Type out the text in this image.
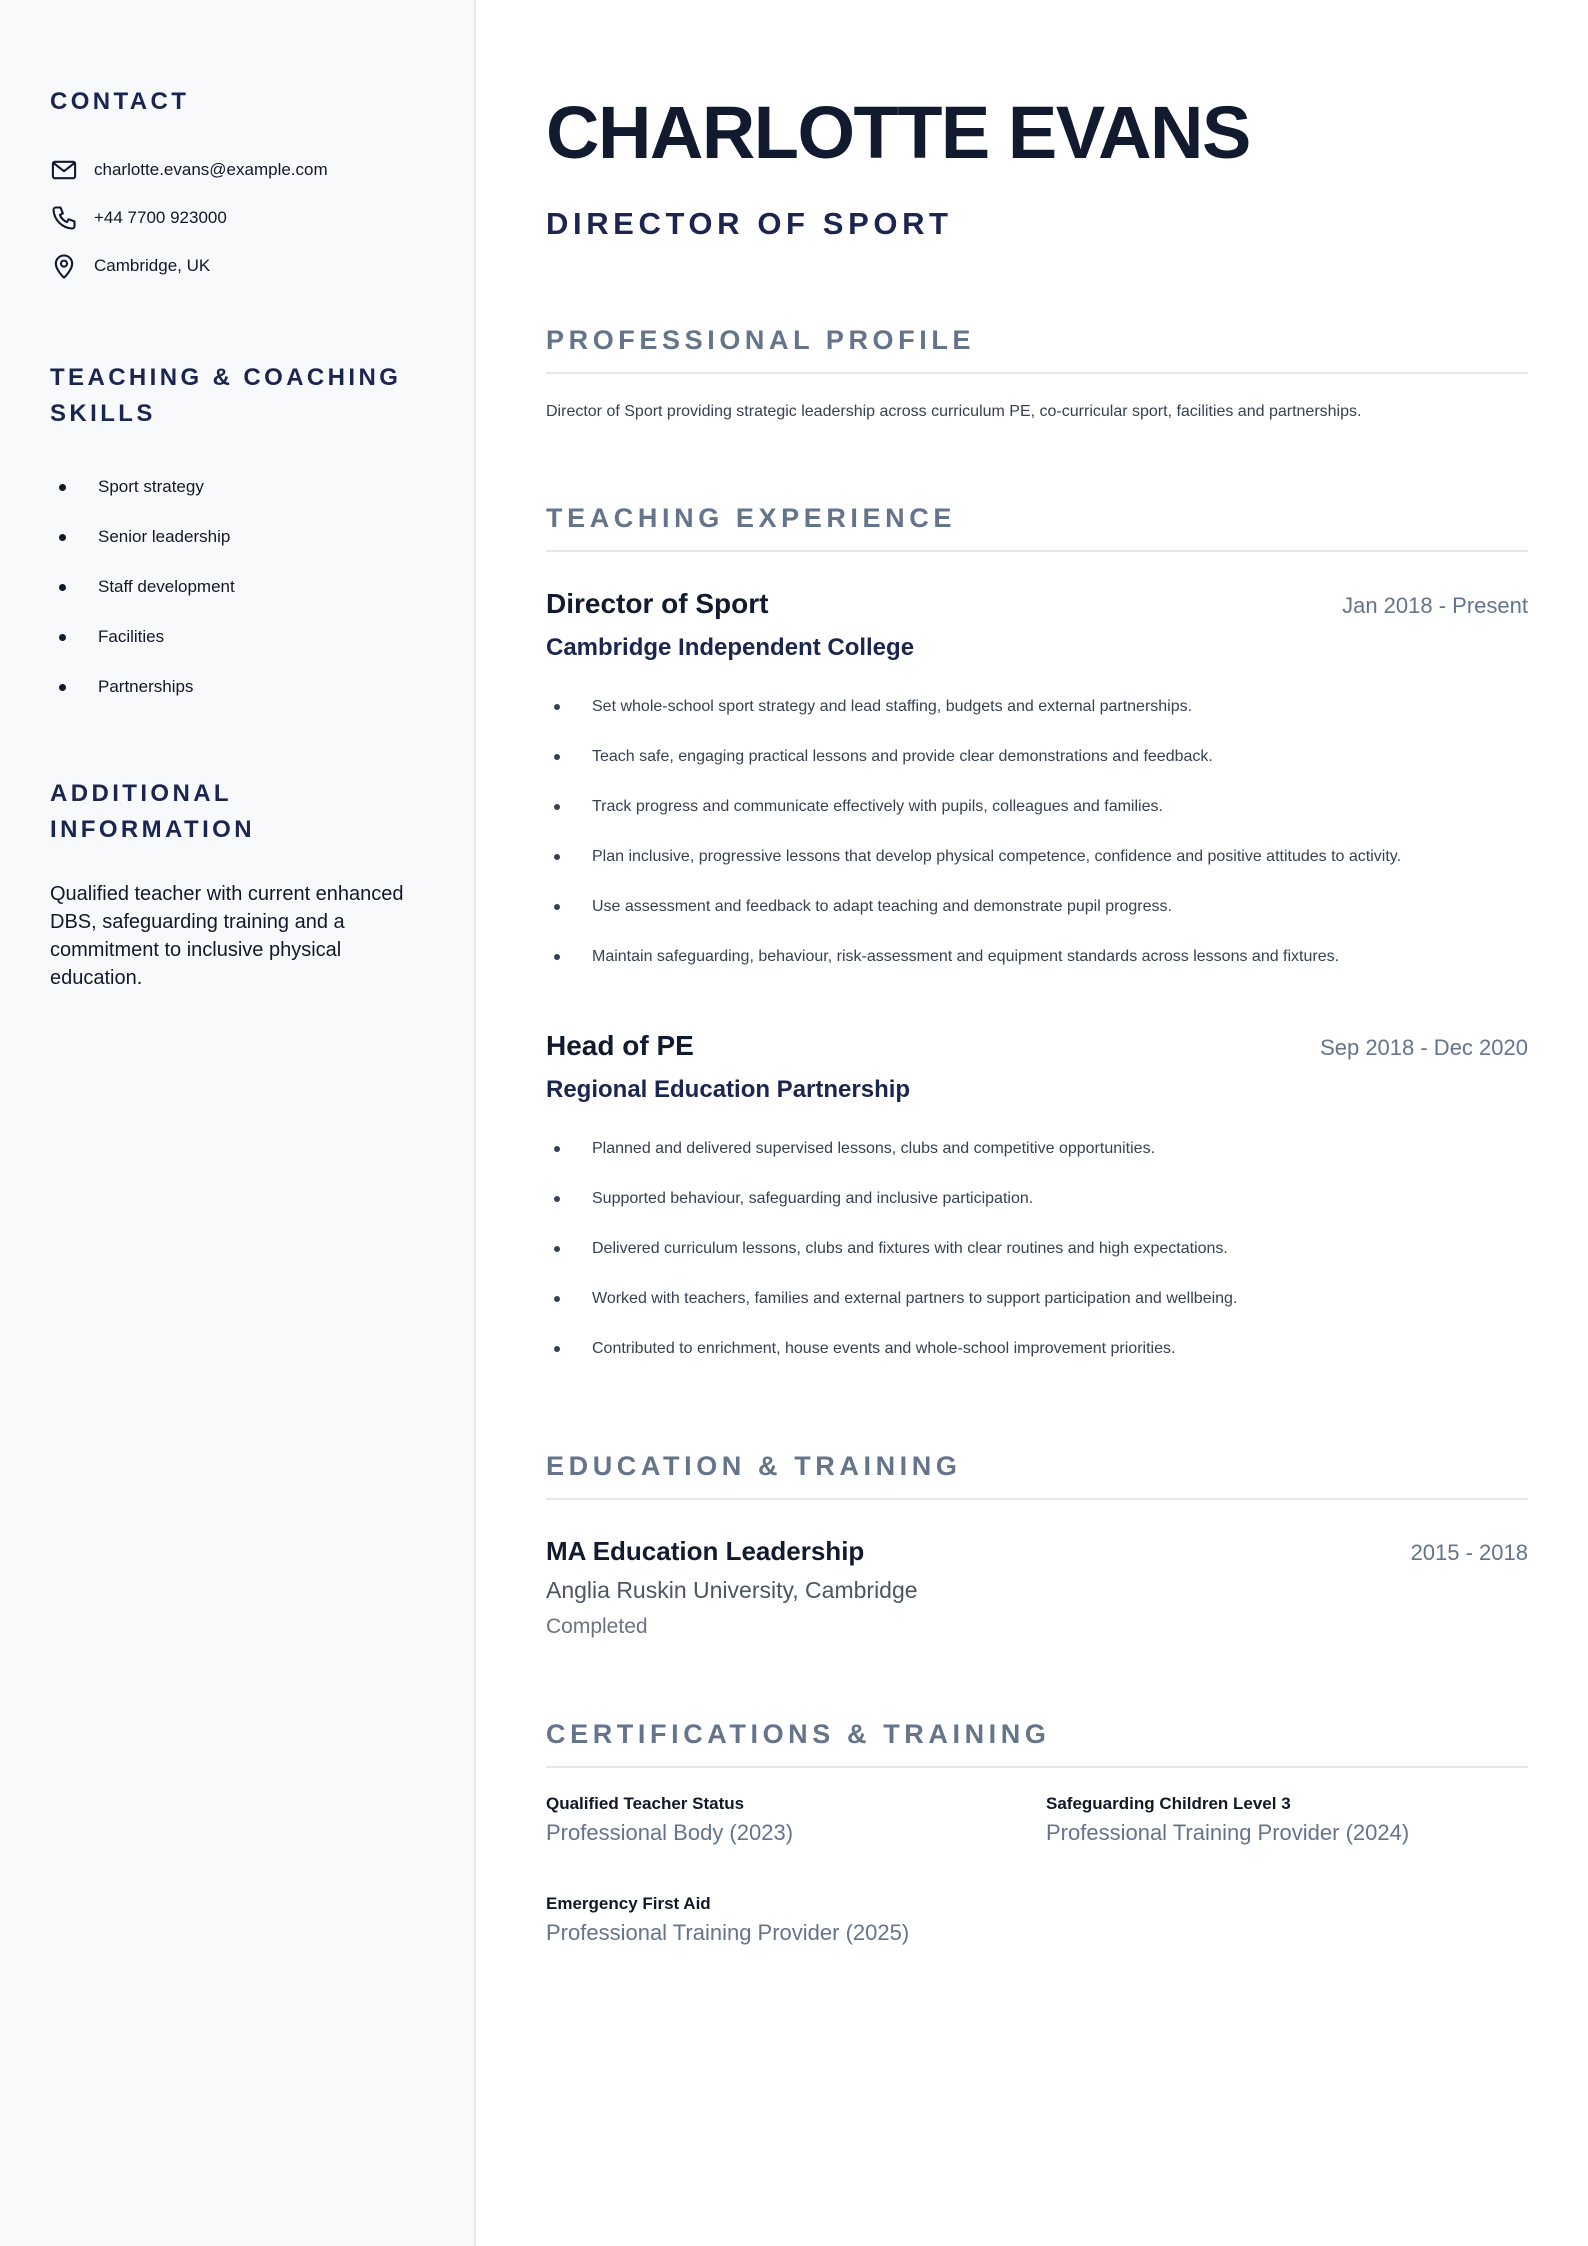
CONTACT
charlotte.evans@example.com
+44 7700 923000
Cambridge, UK
TEACHING & COACHING SKILLS
Sport strategy
Senior leadership
Staff development
Facilities
Partnerships
ADDITIONAL INFORMATION

Qualified teacher with current enhanced DBS, safeguarding training and a commitment to inclusive physical education.

CHARLOTTE EVANS
DIRECTOR OF SPORT
PROFESSIONAL PROFILE

Director of Sport providing strategic leadership across curriculum PE, co-curricular sport, facilities and partnerships.

TEACHING EXPERIENCE
Director of Sport	Jan 2018 - Present
Cambridge Independent College
Set whole-school sport strategy and lead staffing, budgets and external partnerships.
Teach safe, engaging practical lessons and provide clear demonstrations and feedback.
Track progress and communicate effectively with pupils, colleagues and families.
Plan inclusive, progressive lessons that develop physical competence, confidence and positive attitudes to activity.
Use assessment and feedback to adapt teaching and demonstrate pupil progress.
Maintain safeguarding, behaviour, risk-assessment and equipment standards across lessons and fixtures.
Head of PE	Sep 2018 - Dec 2020
Regional Education Partnership
Planned and delivered supervised lessons, clubs and competitive opportunities.
Supported behaviour, safeguarding and inclusive participation.
Delivered curriculum lessons, clubs and fixtures with clear routines and high expectations.
Worked with teachers, families and external partners to support participation and wellbeing.
Contributed to enrichment, house events and whole-school improvement priorities.
EDUCATION & TRAINING
MA Education Leadership	2015 - 2018
Anglia Ruskin University, Cambridge
Completed
CERTIFICATIONS & TRAINING
Qualified Teacher Status
Professional Body (2023)
Safeguarding Children Level 3
Professional Training Provider (2024)
Emergency First Aid
Professional Training Provider (2025)
